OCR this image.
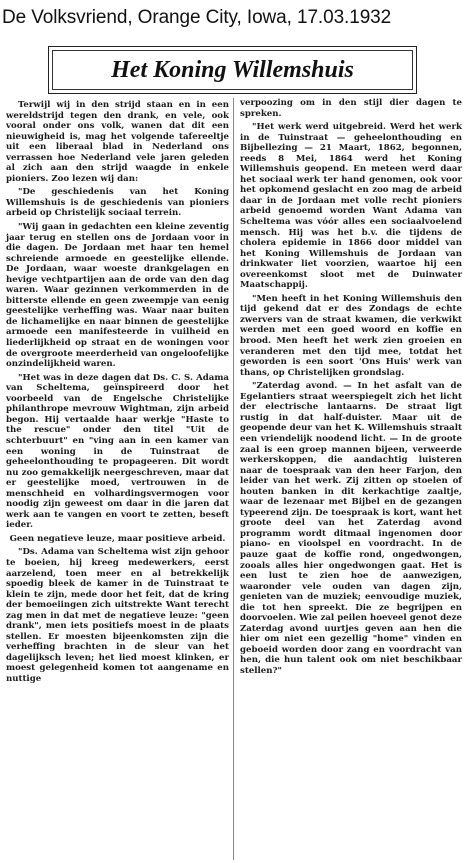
De Volksvriend, Orange City, Iowa, 17.03.1932
Het Koning Willemshuis

Terwijl wij in den strijd staan en in een wereldstrijd tegen den drank, en vele, ook vooral onder ons volk, wanen dat dit een nieuwigheid is, mag het volgende tafereeltje uit een liberaal blad in Nederland ons verrassen hoe Nederland vele jaren geleden al zich aan den strijd waagde in enkele pioniers. Zoo lezen wij dan:

"De geschiedenis van het Koning Willemshuis is de geschiedenis van pioniers arbeid op Christelijk sociaal terrein.

"Wij gaan in gedachten een kleine zeventig jaar terug en stellen ons de Jordaan voor in die dagen. De Jordaan met haar ten hemel schreiende armoede en geestelijke ellende. De Jordaan, waar woeste drankgelagen en hevige vechtpartijen aan de orde van den dag waren. Waar gezinnen verkommerden in de bitterste ellende en geen zweempje van eenig geestelijke verheffing was. Waar naar buiten de lichamelijke en naar binnen de geestelijke armoede een manifesteerde in vuilheid en liederlijkheid op straat en de woningen voor de overgroote meerderheid van ongeloofelijke onzindelijkheid waren.

"Het was in deze dagen dat Ds. C. S. Adama van Scheltema, geïnspireerd door het voorbeeld van de Engelsche Christelijke philanthrope mevrouw Wightman, zijn arbeid begon. Hij vertaalde haar werkje "Haste to the rescue" onder den titel "Uit de schterbuurt" en "ving aan in een kamer van een woning in de Tuinstraat de geheelonthouding te propageeren. Dit wordt nu zoo gemakkelijk neergeschreven, maar dat er geestelijke moed, vertrouwen in de menschheid en volhardingsvermogen voor noodig zijn geweest om daar in die jaren dat werk aan te vangen en voort te zetten, beseft ieder.

Geen negatieve leuze, maar positieve arbeid.

"Ds. Adama van Scheltema wist zijn gehoor te boeien, hij kreeg medewerkers, eerst aarzelend, toen meer en al betrekkelijk spoedig bleek de kamer in de Tuinstraat te klein te zijn, mede door het feit, dat de kring der bemoeiingen zich uitstrekte Want terecht zag men in dat met de negatieve leuze: "geen drank", men iets positiefs moest in de plaats stellen. Er moesten bijeenkomsten zijn die verheffing brachten in de sleur van het dagelijksch leven; het lied moest klinken, er moest gelegenheid komen tot aangename en nuttige

verpoozing om in den stijl dier dagen te spreken.

"Het werk werd uitgebreid. Werd het werk in de Tuinstraat — geheelonthouding en Bijbellezing — 21 Maart, 1862, begonnen, reeds 8 Mei, 1864 werd het Koning Willemshuis geopend. En meteen werd daar het sociaal werk ter hand genomen, ook voor het opkomend geslacht en zoo mag de arbeid daar in de Jordaan met volle recht pioniers arbeid genoemd worden Want Adama van Scheltema was vóór alles een sociaalvoelend mensch. Hij was het b.v. die tijdens de cholera epidemie in 1866 door middel van het Koning Willemshuis de Jordaan van drinkwater liet voorzien, waartoe hij een overeenkomst sloot met de Duinwater Maatschappij.

"Men heeft in het Koning Willemshuis den tijd gekend dat er des Zondags de echte zwervers van de straat kwamen, die verkwikt werden met een goed woord en koffie en brood. Men heeft het werk zien groeien en veranderen met den tijd mee, totdat het geworden is een soort 'Ons Huis' werk van thans, op Christelijken grondslag.

"Zaterdag avond. — In het asfalt van de Egelantiers straat weerspiegelt zich het licht der electrische lantaarns. De straat ligt rustig in dat half-duister. Maar uit de geopende deur van het K. Willemshuis straalt een vriendelijk noodend licht. — In de groote zaal is een groep mannen bijeen, verweerde werkerskoppen, die aandachtig luisteren naar de toespraak van den heer Farjon, den leider van het werk. Zij zitten op stoelen of houten banken in dit kerkachtige zaaltje, waar de lezenaar met Bijbel en de gezangen typeerend zijn. De toespraak is kort, want het groote deel van het Zaterdag avond programm wordt ditmaal ingenomen door piano- en vioolspel en voordracht. In de pauze gaat de koffie rond, ongedwongen, zooals alles hier ongedwongen gaat. Het is een lust te zien hoe de aanwezigen, waaronder vele ouden van dagen zijn, genieten van de muziek; eenvoudige muziek, die tot hen spreekt. Die ze begrijpen en doorvoelen. Wie zal peilen hoeveel genot deze Zaterdag avond uurtjes geven aan hen die hier om niet een gezellig "home" vinden en geboeid worden door zang en voordracht van hen, die hun talent ook om niet beschikbaar stellen?"
